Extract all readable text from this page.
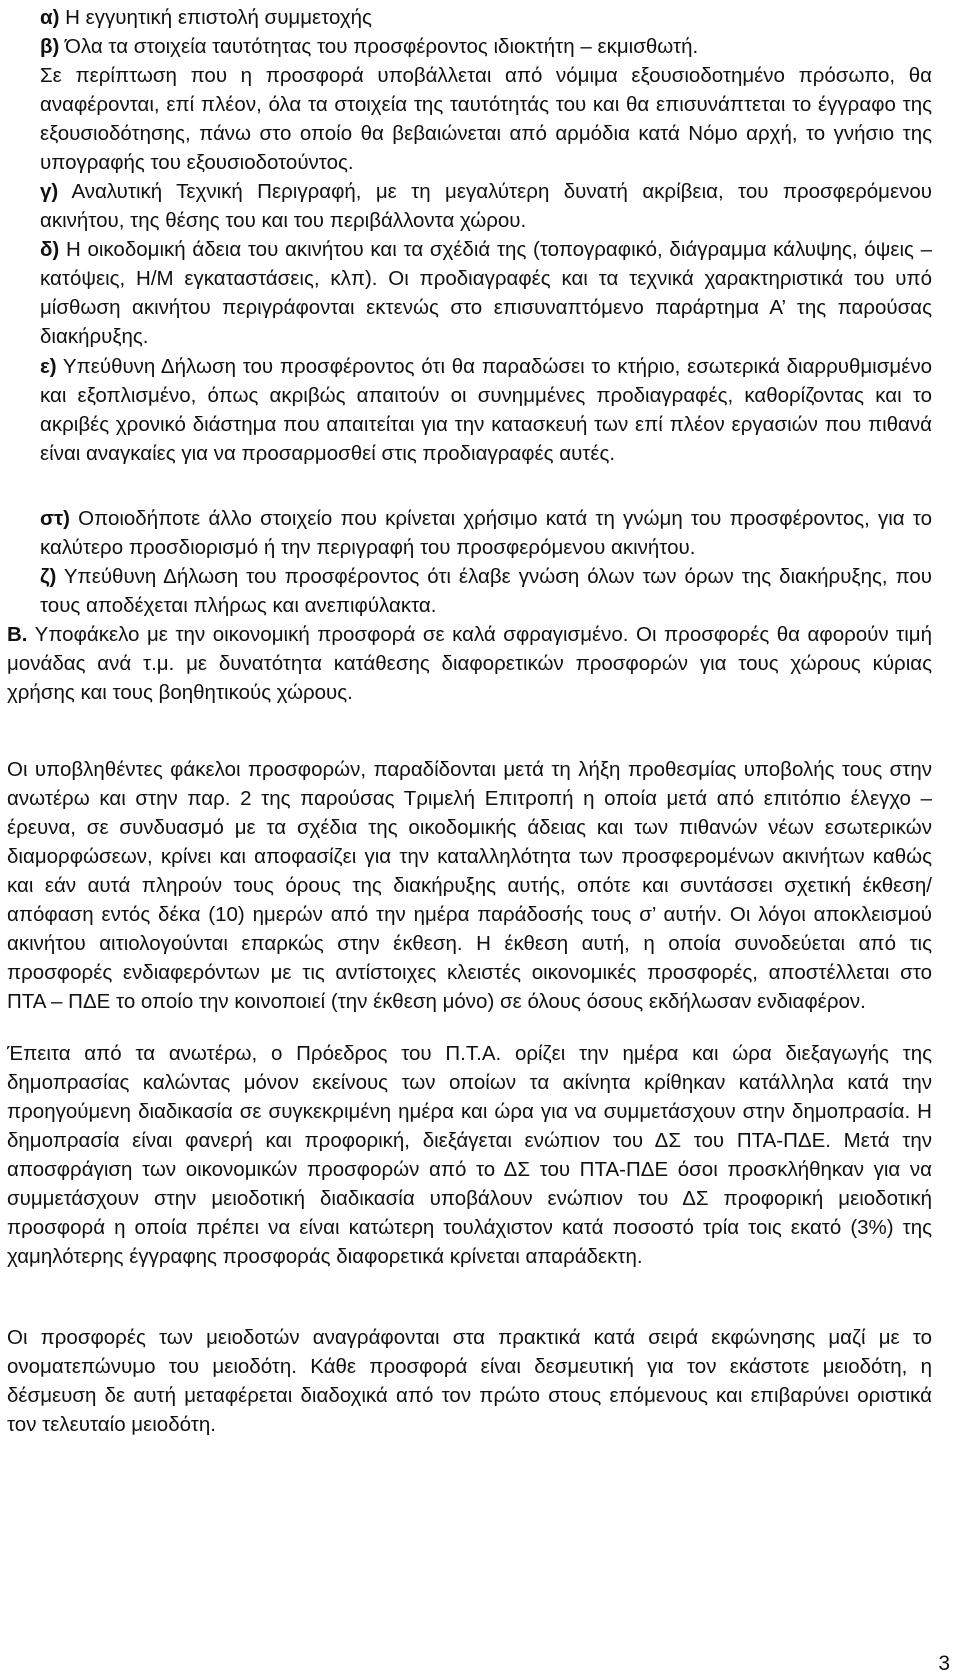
α) Η εγγυητική επιστολή συμμετοχής

β) Όλα τα στοιχεία ταυτότητας του προσφέροντος ιδιοκτήτη – εκμισθωτή.

Σε περίπτωση που η προσφορά υποβάλλεται από νόμιμα εξουσιοδοτημένο πρόσωπο, θα αναφέρονται, επί πλέον, όλα τα στοιχεία της ταυτότητάς του και θα επισυνάπτεται το έγγραφο της εξουσιοδότησης, πάνω στο οποίο θα βεβαιώνεται από αρμόδια κατά Νόμο αρχή, το γνήσιο της υπογραφής του εξουσιοδοτούντος.

γ) Αναλυτική Τεχνική Περιγραφή, με τη μεγαλύτερη δυνατή ακρίβεια, του προσφερόμενου ακινήτου, της θέσης του και του περιβάλλοντα χώρου.

δ) Η οικοδομική άδεια του ακινήτου και τα σχέδιά της (τοπογραφικό, διάγραμμα κάλυψης, όψεις – κατόψεις, Η/Μ εγκαταστάσεις, κλπ). Οι προδιαγραφές και τα τεχνικά χαρακτηριστικά του υπό μίσθωση ακινήτου περιγράφονται εκτενώς στο επισυναπτόμενο παράρτημα Α’ της παρούσας διακήρυξης.

ε) Υπεύθυνη Δήλωση του προσφέροντος ότι θα παραδώσει το κτήριο, εσωτερικά διαρρυθμισμένο και εξοπλισμένο, όπως ακριβώς απαιτούν οι συνημμένες προδιαγραφές, καθορίζοντας και το ακριβές χρονικό διάστημα που απαιτείται για την κατασκευή των επί πλέον εργασιών που πιθανά είναι αναγκαίες για να προσαρμοσθεί στις προδιαγραφές αυτές.

στ) Οποιοδήποτε άλλο στοιχείο που κρίνεται χρήσιμο κατά τη γνώμη του προσφέροντος, για το καλύτερο προσδιορισμό ή την περιγραφή του προσφερόμενου ακινήτου.

ζ) Υπεύθυνη Δήλωση του προσφέροντος ότι έλαβε γνώση όλων των όρων της διακήρυξης, που τους αποδέχεται πλήρως και ανεπιφύλακτα.

Β. Υποφάκελο με την οικονομική προσφορά σε καλά σφραγισμένο. Οι προσφορές θα αφορούν τιμή μονάδας ανά τ.μ. με δυνατότητα κατάθεσης διαφορετικών προσφορών για τους χώρους κύριας χρήσης και τους βοηθητικούς χώρους.

Οι υποβληθέντες φάκελοι προσφορών, παραδίδονται μετά τη λήξη προθεσμίας υποβολής τους στην ανωτέρω και στην παρ. 2 της παρούσας Τριμελή Επιτροπή η οποία μετά από επιτόπιο έλεγχο – έρευνα, σε συνδυασμό με τα σχέδια της οικοδομικής άδειας και των πιθανών νέων εσωτερικών διαμορφώσεων, κρίνει και αποφασίζει για την καταλληλότητα των προσφερομένων ακινήτων καθώς και εάν αυτά πληρούν τους όρους της διακήρυξης αυτής, οπότε και συντάσσει σχετική έκθεση/απόφαση εντός δέκα (10) ημερών από την ημέρα παράδοσής τους σ’ αυτήν. Οι λόγοι αποκλεισμού ακινήτου αιτιολογούνται επαρκώς στην έκθεση. Η έκθεση αυτή, η οποία συνοδεύεται από τις προσφορές ενδιαφερόντων με τις αντίστοιχες κλειστές οικονομικές προσφορές, αποστέλλεται στο ΠΤΑ – ΠΔΕ το οποίο την κοινοποιεί (την έκθεση μόνο) σε όλους όσους εκδήλωσαν ενδιαφέρον.

Έπειτα από τα ανωτέρω, ο Πρόεδρος του Π.Τ.Α. ορίζει την ημέρα και ώρα διεξαγωγής της δημοπρασίας καλώντας μόνον εκείνους των οποίων τα ακίνητα κρίθηκαν κατάλληλα κατά την προηγούμενη διαδικασία σε συγκεκριμένη ημέρα και ώρα για να συμμετάσχουν στην δημοπρασία. Η δημοπρασία είναι φανερή και προφορική, διεξάγεται ενώπιον του ΔΣ του ΠΤΑ-ΠΔΕ. Μετά την αποσφράγιση των οικονομικών προσφορών από το ΔΣ του ΠΤΑ-ΠΔΕ όσοι προσκλήθηκαν για να συμμετάσχουν στην μειοδοτική διαδικασία υποβάλουν ενώπιον του ΔΣ προφορική μειοδοτική προσφορά η οποία πρέπει να είναι κατώτερη τουλάχιστον κατά ποσοστό τρία τοις εκατό (3%) της χαμηλότερης έγγραφης προσφοράς διαφορετικά κρίνεται απαράδεκτη.

Οι προσφορές των μειοδοτών αναγράφονται στα πρακτικά κατά σειρά εκφώνησης μαζί με το ονοματεπώνυμο του μειοδότη. Κάθε προσφορά είναι δεσμευτική για τον εκάστοτε μειοδότη, η δέσμευση δε αυτή μεταφέρεται διαδοχικά από τον πρώτο στους επόμενους και επιβαρύνει οριστικά τον τελευταίο μειοδότη.

3
